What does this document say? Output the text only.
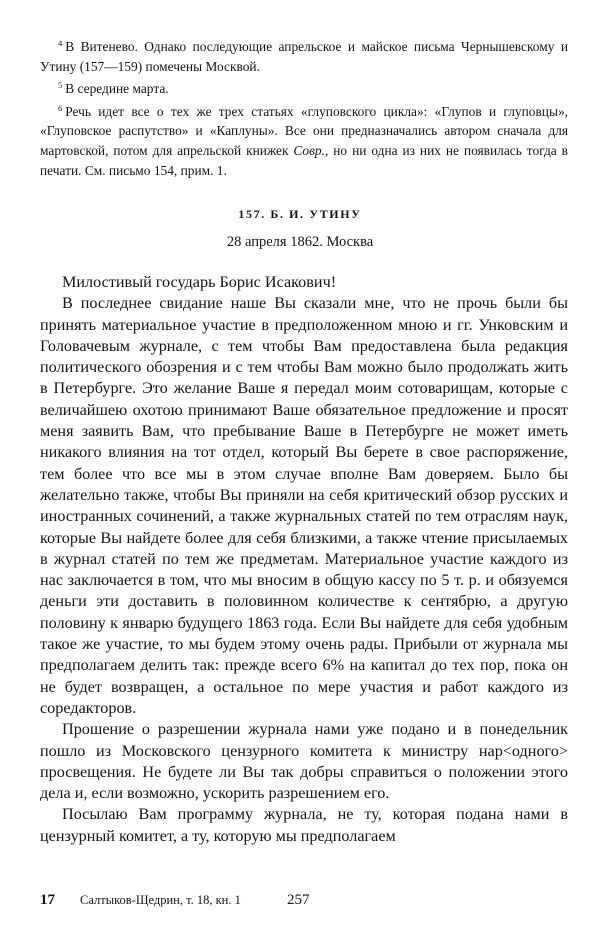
$^4$ В Витенево. Однако последующие апрельское и майское письма Чернышевскому и Утину (157—159) помечены Москвой.

$^5$ В середине марта.

$^6$ Речь идет все о тех же трех статьях «глуповского цикла»: «Глупов и глуповцы», «Глуповское распутство» и «Каплуны». Все они предназначались автором сначала для мартовской, потом для апрельской книжек Совр., но ни одна из них не появилась тогда в печати. См. письмо 154, прим. 1.

157. Б. И. УТИНУ
28 апреля 1862. Москва

Милостивый государь Борис Исакович!

В последнее свидание наше Вы сказали мне, что не прочь были бы принять материальное участие в предположенном мною и гг. Унковским и Головачевым журнале, с тем чтобы Вам предоставлена была редакция политического обозрения и с тем чтобы Вам можно было продолжать жить в Петербурге. Это желание Ваше я передал моим сотоварищам, которые с величайшею охотою принимают Ваше обязательное предложение и просят меня заявить Вам, что пребывание Ваше в Петербурге не может иметь никакого влияния на тот отдел, который Вы берете в свое распоряжение, тем более что все мы в этом случае вполне Вам доверяем. Было бы желательно также, чтобы Вы приняли на себя критический обзор русских и иностранных сочинений, а также журнальных статей по тем отраслям наук, которые Вы найдете более для себя близкими, а также чтение присылаемых в журнал статей по тем же предметам. Материальное участие каждого из нас заключается в том, что мы вносим в общую кассу по 5 т. р. и обязуемся деньги эти доставить в половинном количестве к сентябрю, а другую половину к январю будущего 1863 года. Если Вы найдете для себя удобным такое же участие, то мы будем этому очень рады. Прибыли от журнала мы предполагаем делить так: прежде всего 6% на капитал до тех пор, пока он не будет возвращен, а остальное по мере участия и работ каждого из соредакторов.

Прошение о разрешении журнала нами уже подано и в понедельник пошло из Московского цензурного комитета к министру нар<одного> просвещения. Не будете ли Вы так добры справиться о положении этого дела и, если возможно, ускорить разрешением его.

Посылаю Вам программу журнала, не ту, которая подана нами в цензурный комитет, а ту, которую мы предполагаем

17 Салтыков-Щедрин, т. 18, кн. 1	257
